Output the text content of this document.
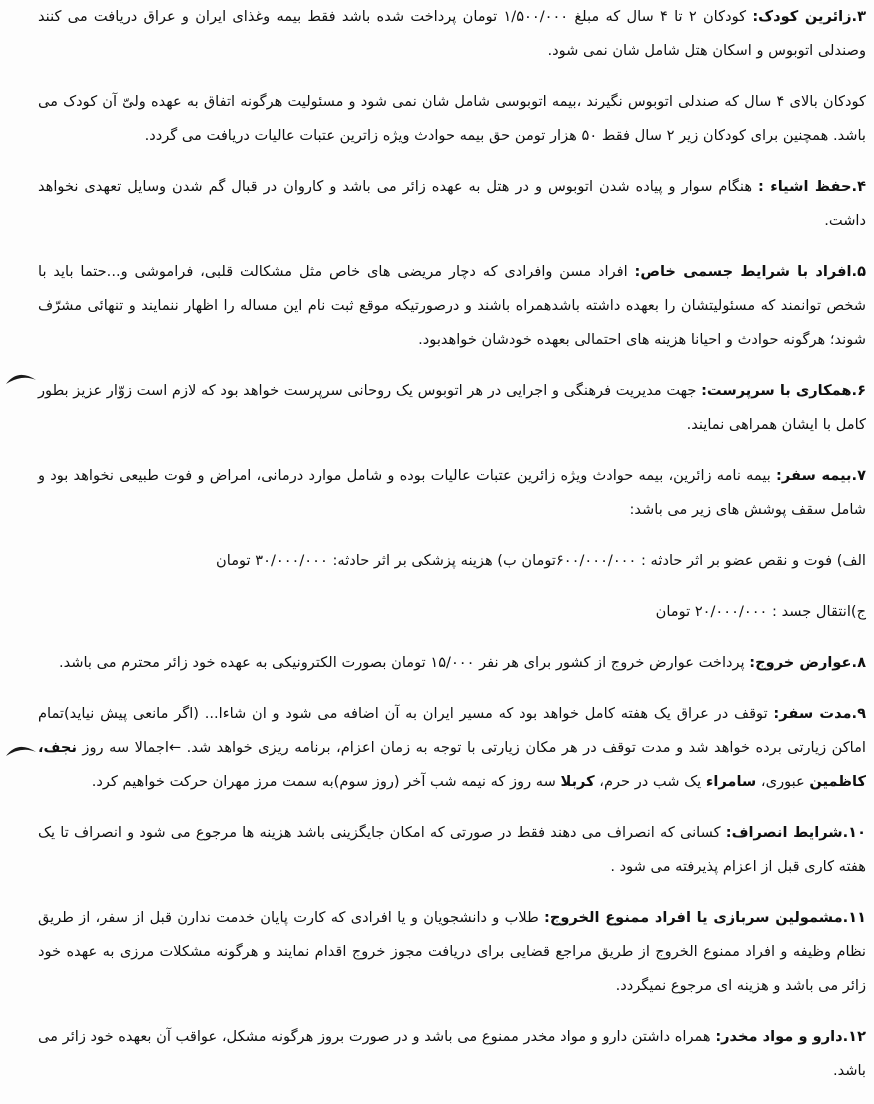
۳.زائرین کودک: کودکان ۲ تا ۴ سال که مبلغ ۱/۵۰۰/۰۰۰ تومان پرداخت شده باشد فقط بیمه وغذای ایران و عراق دریافت می کنند وصندلی اتوبوس و اسکان هتل شامل شان نمی شود.

کودکان بالای ۴ سال که صندلی اتوبوس نگیرند ،بیمه اتوبوسی شامل شان نمی شود و مسئولیت هرگونه اتفاق به عهده ولیّ آن کودک می باشد. همچنین برای کودکان زیر ۲ سال فقط ۵۰ هزار تومن حق بیمه حوادث ویژه زاترین عتبات عالیات دریافت می گردد.

۴.حفظ اشیاء : هنگام سوار و پیاده شدن اتوبوس و در هتل به عهده زائر می باشد و کاروان در قبال گم شدن وسایل تعهدی نخواهد داشت.

۵.افراد با شرایط جسمی خاص: افراد مسن وافرادی که دچار مریضی های خاص مثل مشکالت قلبی، فراموشی و...حتما باید با شخص توانمند که مسئولیتشان را بعهده داشته باشدهمراه باشند و درصورتیکه موقع ثبت نام این مساله را اظهار ننمایند و تنهائی مشرّف شوند؛ هرگونه حوادث و احیانا هزینه های احتمالی بعهده خودشان خواهدبود.

۶.همکاری با سرپرست: جهت مدیریت فرهنگی و اجرایی در هر اتوبوس یک روحانی سرپرست خواهد بود که لازم است زوّار عزیز بطور کامل با ایشان همراهی نمایند.

۷.بیمه سفر: بیمه نامه زائرین، بیمه حوادث ویژه زائرین عتبات عالیات بوده و شامل موارد درمانی، امراض و فوت طبیعی نخواهد بود و شامل سقف پوشش های زیر می باشد:

الف) فوت و نقص عضو بر اثر حادثه : ۶۰۰/۰۰۰/۰۰۰تومان ب) هزینه پزشکی بر اثر حادثه: ۳۰/۰۰۰/۰۰۰ تومان

ج)انتقال جسد : ۲۰/۰۰۰/۰۰۰ تومان

۸.عوارض خروج: پرداخت عوارض خروج از کشور برای هر نفر ۱۵/۰۰۰ تومان بصورت الکترونیکی به عهده خود زائر محترم می باشد.

۹.مدت سفر: توقف در عراق یک هفته کامل خواهد بود که مسیر ایران به آن اضافه می شود و ان شاءا... (اگر مانعی پیش نیاید)تمام اماکن زیارتی برده خواهد شد و مدت توقف در هر مکان زیارتی با توجه به زمان اعزام، برنامه ریزی خواهد شد. ←اجمالا سه روز نجف، کاظمین عبوری، سامراء یک شب در حرم، کربلا سه روز که نیمه شب آخر (روز سوم)به سمت مرز مهران حرکت خواهیم کرد.

۱۰.شرایط انصراف: کسانی که انصراف می دهند فقط در صورتی که امکان جایگزینی باشد هزینه ها مرجوع می شود و انصراف تا یک هفته کاری قبل از اعزام پذیرفته می شود .

۱۱.مشمولین سربازی یا افراد ممنوع الخروج: طلاب و دانشجویان و یا افرادی که کارت پایان خدمت ندارن قبل از سفر، از طریق نظام وظیفه و افراد ممنوع الخروج از طریق مراجع قضایی برای دریافت مجوز خروج اقدام نمایند و هرگونه مشکلات مرزی به عهده خود زائر می باشد و هزینه ای مرجوع نمیگردد.

۱۲.دارو و مواد مخدر: همراه داشتن دارو و مواد مخدر ممنوع می باشد و در صورت بروز هرگونه مشکل، عواقب آن بعهده خود زائر می باشد.
